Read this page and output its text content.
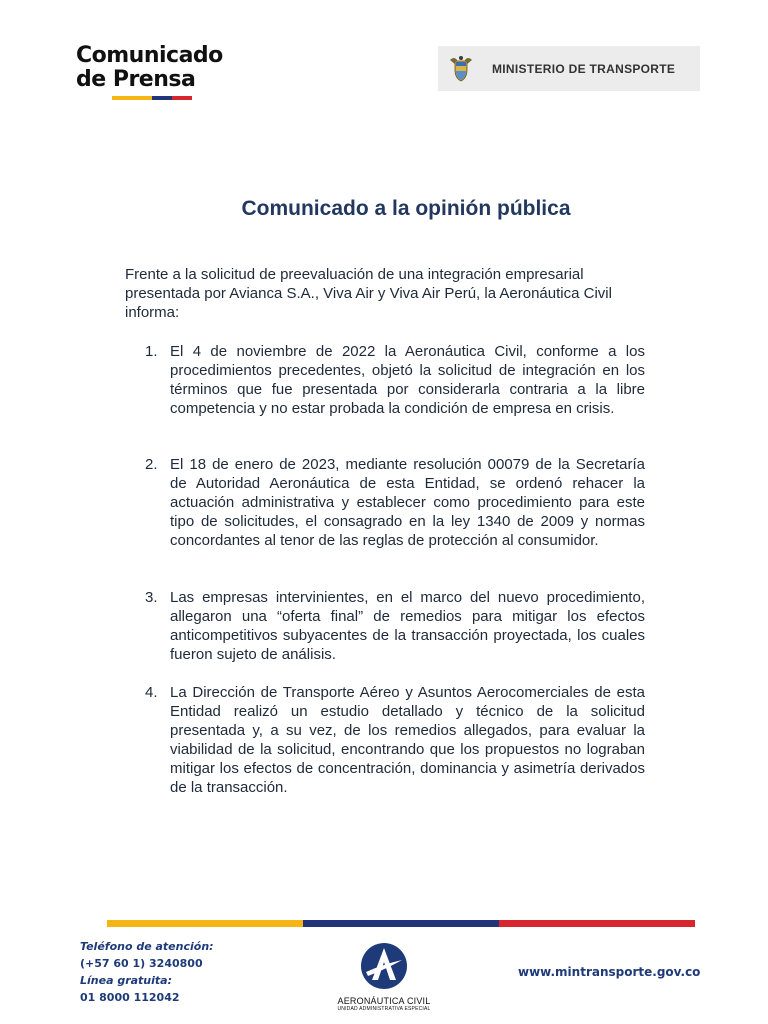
Comunicado
de Prensa	MINISTERIO DE TRANSPORTE
Comunicado a la opinión pública
Frente a la solicitud de preevaluación de una integración empresarial presentada por Avianca S.A., Viva Air y Viva Air Perú, la Aeronáutica Civil informa:
1. El 4 de noviembre de 2022 la Aeronáutica Civil, conforme a los procedimientos precedentes, objetó la solicitud de integración en los términos que fue presentada por considerarla contraria a la libre competencia y no estar probada la condición de empresa en crisis.
2. El 18 de enero de 2023, mediante resolución 00079 de la Secretaría de Autoridad Aeronáutica de esta Entidad, se ordenó rehacer la actuación administrativa y establecer como procedimiento para este tipo de solicitudes, el consagrado en la ley 1340 de 2009 y normas concordantes al tenor de las reglas de protección al consumidor.
3. Las empresas intervinientes, en el marco del nuevo procedimiento, allegaron una “oferta final” de remedios para mitigar los efectos anticompetitivos subyacentes de la transacción proyectada, los cuales fueron sujeto de análisis.
4. La Dirección de Transporte Aéreo y Asuntos Aerocomerciales de esta Entidad realizó un estudio detallado y técnico de la solicitud presentada y, a su vez, de los remedios allegados, para evaluar la viabilidad de la solicitud, encontrando que los propuestos no lograban mitigar los efectos de concentración, dominancia y asimetría derivados de la transacción.
Teléfono de atención:
(+57 60 1) 3240800
Línea gratuita:
01 8000 112042	AERONÁUTICA CIVIL
UNIDAD ADMINISTRATIVA ESPECIAL
www.mintransporte.gov.co
